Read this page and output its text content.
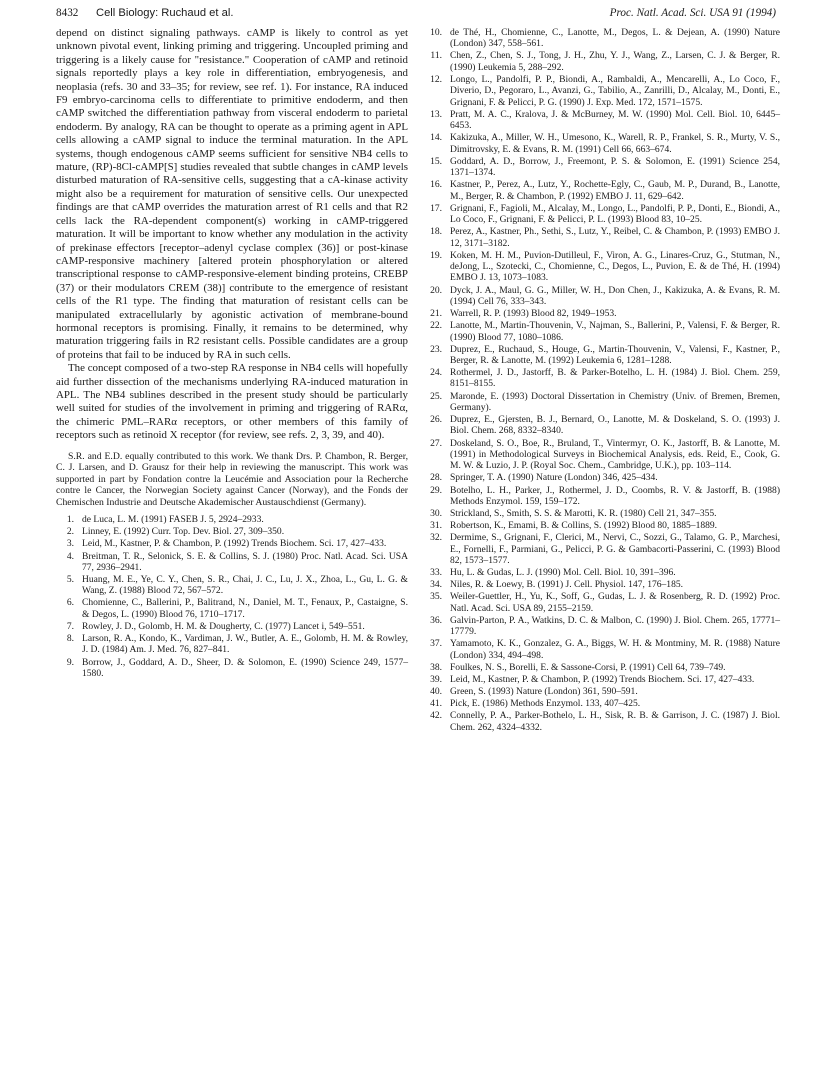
8432 Cell Biology: Ruchaud et al.	Proc. Natl. Acad. Sci. USA 91 (1994)

depend on distinct signaling pathways. cAMP is likely to control as yet unknown pivotal event, linking priming and triggering. Uncoupled priming and triggering is a likely cause for "resistance." Cooperation of cAMP and retinoid signals reportedly plays a key role in differentiation, embryogenesis, and neoplasia (refs. 30 and 33–35; for review, see ref. 1). For instance, RA induced F9 embryo-carcinoma cells to differentiate to primitive endoderm, and then cAMP switched the differentiation pathway from visceral endoderm to parietal endoderm. By analogy, RA can be thought to operate as a priming agent in APL cells allowing a cAMP signal to induce the terminal maturation. In the APL systems, though endogenous cAMP seems sufficient for sensitive NB4 cells to mature, (RP)-8Cl-cAMP[S] studies revealed that subtle changes in cAMP levels disturbed maturation of RA-sensitive cells, suggesting that a cA-kinase activity might also be a requirement for maturation of sensitive cells. Our unexpected findings are that cAMP overrides the maturation arrest of R1 cells and that R2 cells lack the RA-dependent component(s) working in cAMP-triggered maturation. It will be important to know whether any modulation in the activity of prekinase effectors [receptor–adenyl cyclase complex (36)] or post-kinase cAMP-responsive machinery [altered protein phosphorylation or altered transcriptional response to cAMP-responsive-element binding proteins, CREBP (37) or their modulators CREM (38)] contribute to the emergence of resistant cells of the R1 type. The finding that maturation of resistant cells can be manipulated extracellularly by agonistic activation of membrane-bound hormonal receptors is promising. Finally, it remains to be determined, why maturation triggering fails in R2 resistant cells. Possible candidates are a group of proteins that fail to be induced by RA in such cells.

The concept composed of a two-step RA response in NB4 cells will hopefully aid further dissection of the mechanisms underlying RA-induced maturation in APL. The NB4 sublines described in the present study should be particularly well suited for studies of the involvement in priming and triggering of RARα, the chimeric PML–RARα receptors, or other members of this family of receptors such as retinoid X receptor (for review, see refs. 2, 3, 39, and 40).

S.R. and E.D. equally contributed to this work. We thank Drs. P. Chambon, R. Berger, C. J. Larsen, and D. Grausz for their help in reviewing the manuscript. This work was supported in part by Fondation contre la Leucémie and Association pour la Recherche contre le Cancer, the Norwegian Society against Cancer (Norway), and the Fonds der Chemischen Industrie and Deutsche Akademischer Austauschdienst (Germany).

1. de Luca, L. M. (1991) FASEB J. 5, 2924–2933.
2. Linney, E. (1992) Curr. Top. Dev. Biol. 27, 309–350.
3. Leid, M., Kastner, P. & Chambon, P. (1992) Trends Biochem. Sci. 17, 427–433.
4. Breitman, T. R., Selonick, S. E. & Collins, S. J. (1980) Proc. Natl. Acad. Sci. USA 77, 2936–2941.
5. Huang, M. E., Ye, C. Y., Chen, S. R., Chai, J. C., Lu, J. X., Zhoa, L., Gu, L. G. & Wang, Z. (1988) Blood 72, 567–572.
6. Chomienne, C., Ballerini, P., Balitrand, N., Daniel, M. T., Fenaux, P., Castaigne, S. & Degos, L. (1990) Blood 76, 1710–1717.
7. Rowley, J. D., Golomb, H. M. & Dougherty, C. (1977) Lancet i, 549–551.
8. Larson, R. A., Kondo, K., Vardiman, J. W., Butler, A. E., Golomb, H. M. & Rowley, J. D. (1984) Am. J. Med. 76, 827–841.
9. Borrow, J., Goddard, A. D., Sheer, D. & Solomon, E. (1990) Science 249, 1577–1580.
10. de Thé, H., Chomienne, C., Lanotte, M., Degos, L. & Dejean, A. (1990) Nature (London) 347, 558–561.
11. Chen, Z., Chen, S. J., Tong, J. H., Zhu, Y. J., Wang, Z., Larsen, C. J. & Berger, R. (1990) Leukemia 5, 288–292.
12. Longo, L., Pandolfi, P. P., Biondi, A., Rambaldi, A., Mencarelli, A., Lo Coco, F., Diverio, D., Pegoraro, L., Avanzi, G., Tabilio, A., Zanrilli, D., Alcalay, M., Donti, E., Grignani, F. & Pelicci, P. G. (1990) J. Exp. Med. 172, 1571–1575.
13. Pratt, M. A. C., Kralova, J. & McBurney, M. W. (1990) Mol. Cell. Biol. 10, 6445–6453.
14. Kakizuka, A., Miller, W. H., Umesono, K., Warell, R. P., Frankel, S. R., Murty, V. S., Dimitrovsky, E. & Evans, R. M. (1991) Cell 66, 663–674.
15. Goddard, A. D., Borrow, J., Freemont, P. S. & Solomon, E. (1991) Science 254, 1371–1374.
16. Kastner, P., Perez, A., Lutz, Y., Rochette-Egly, C., Gaub, M. P., Durand, B., Lanotte, M., Berger, R. & Chambon, P. (1992) EMBO J. 11, 629–642.
17. Grignani, F., Fagioli, M., Alcalay, M., Longo, L., Pandolfi, P. P., Donti, E., Biondi, A., Lo Coco, F., Grignani, F. & Pelicci, P. L. (1993) Blood 83, 10–25.
18. Perez, A., Kastner, Ph., Sethi, S., Lutz, Y., Reibel, C. & Chambon, P. (1993) EMBO J. 12, 3171–3182.
19. Koken, M. H. M., Puvion-Dutilleul, F., Viron, A. G., Linares-Cruz, G., Stutman, N., deJong, L., Szotecki, C., Chomienne, C., Degos, L., Puvion, E. & de Thé, H. (1994) EMBO J. 13, 1073–1083.
20. Dyck, J. A., Maul, G. G., Miller, W. H., Don Chen, J., Kakizuka, A. & Evans, R. M. (1994) Cell 76, 333–343.
21. Warrell, R. P. (1993) Blood 82, 1949–1953.
22. Lanotte, M., Martin-Thouvenin, V., Najman, S., Ballerini, P., Valensi, F. & Berger, R. (1990) Blood 77, 1080–1086.
23. Duprez, E., Ruchaud, S., Houge, G., Martin-Thouvenin, V., Valensi, F., Kastner, P., Berger, R. & Lanotte, M. (1992) Leukemia 6, 1281–1288.
24. Rothermel, J. D., Jastorff, B. & Parker-Botelho, L. H. (1984) J. Biol. Chem. 259, 8151–8155.
25. Maronde, E. (1993) Doctoral Dissertation in Chemistry (Univ. of Bremen, Bremen, Germany).
26. Duprez, E., Gjersten, B. J., Bernard, O., Lanotte, M. & Doskeland, S. O. (1993) J. Biol. Chem. 268, 8332–8340.
27. Doskeland, S. O., Boe, R., Bruland, T., Vintermyr, O. K., Jastorff, B. & Lanotte, M. (1991) in Methodological Surveys in Biochemical Analysis, eds. Reid, E., Cook, G. M. W. & Luzio, J. P. (Royal Soc. Chem., Cambridge, U.K.), pp. 103–114.
28. Springer, T. A. (1990) Nature (London) 346, 425–434.
29. Botelho, L. H., Parker, J., Rothermel, J. D., Coombs, R. V. & Jastorff, B. (1988) Methods Enzymol. 159, 159–172.
30. Strickland, S., Smith, S. S. & Marotti, K. R. (1980) Cell 21, 347–355.
31. Robertson, K., Emami, B. & Collins, S. (1992) Blood 80, 1885–1889.
32. Dermime, S., Grignani, F., Clerici, M., Nervi, C., Sozzi, G., Talamo, G. P., Marchesi, E., Fornelli, F., Parmiani, G., Pelicci, P. G. & Gambacorti-Passerini, C. (1993) Blood 82, 1573–1577.
33. Hu, L. & Gudas, L. J. (1990) Mol. Cell. Biol. 10, 391–396.
34. Niles, R. & Loewy, B. (1991) J. Cell. Physiol. 147, 176–185.
35. Weiler-Guettler, H., Yu, K., Soff, G., Gudas, L. J. & Rosenberg, R. D. (1992) Proc. Natl. Acad. Sci. USA 89, 2155–2159.
36. Galvin-Parton, P. A., Watkins, D. C. & Malbon, C. (1990) J. Biol. Chem. 265, 17771–17779.
37. Yamamoto, K. K., Gonzalez, G. A., Biggs, W. H. & Montminy, M. R. (1988) Nature (London) 334, 494–498.
38. Foulkes, N. S., Borelli, E. & Sassone-Corsi, P. (1991) Cell 64, 739–749.
39. Leid, M., Kastner, P. & Chambon, P. (1992) Trends Biochem. Sci. 17, 427–433.
40. Green, S. (1993) Nature (London) 361, 590–591.
41. Pick, E. (1986) Methods Enzymol. 133, 407–425.
42. Connelly, P. A., Parker-Bothelo, L. H., Sisk, R. B. & Garrison, J. C. (1987) J. Biol. Chem. 262, 4324–4332.
